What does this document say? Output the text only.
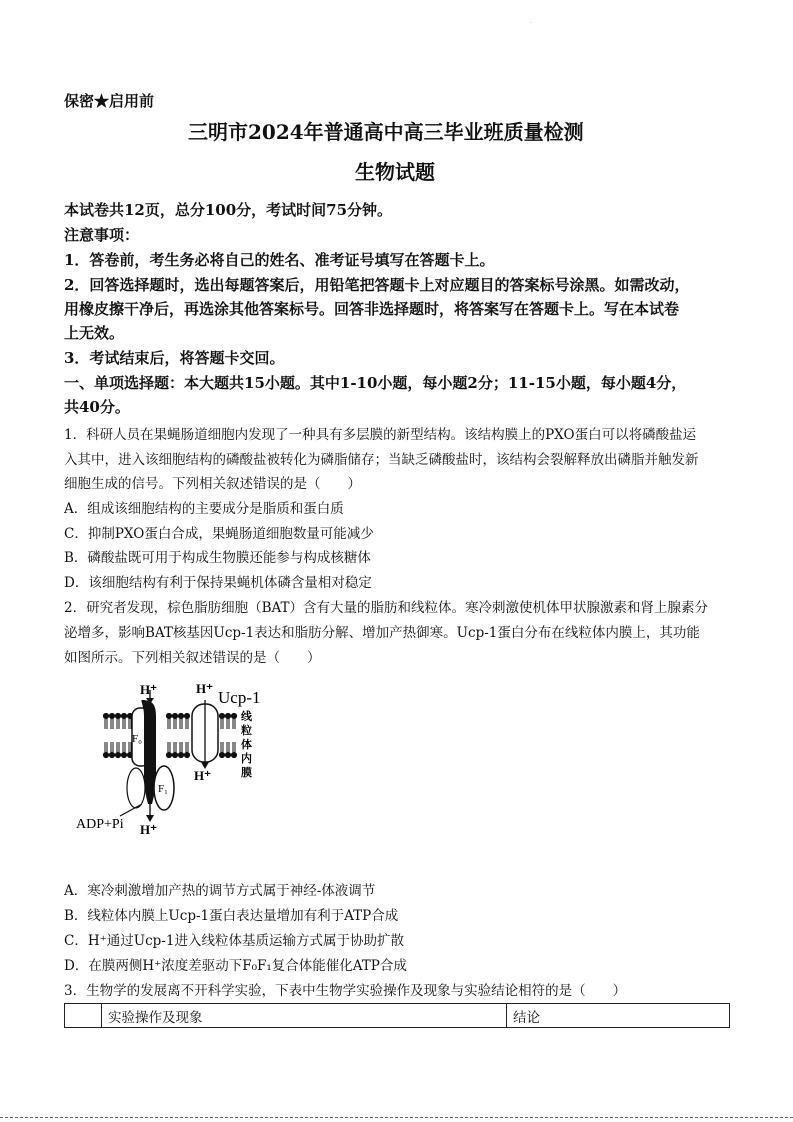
.
保密★启用前
三明市2024年普通高中高三毕业班质量检测
生物试题
本试卷共12页，总分100分，考试时间75分钟。
注意事项：
1．答卷前，考生务必将自己的姓名、准考证号填写在答题卡上。
2．回答选择题时，选出每题答案后，用铅笔把答题卡上对应题目的答案标号涂黑。如需改动，
用橡皮擦干净后，再选涂其他答案标号。回答非选择题时，将答案写在答题卡上。写在本试卷
上无效。
3．考试结束后，将答题卡交回。
一、单项选择题：本大题共15小题。其中1-10小题，每小题2分；11-15小题，每小题4分，
共40分。
1．科研人员在果蝇肠道细胞内发现了一种具有多层膜的新型结构。该结构膜上的PXO蛋白可以将磷酸盐运
入其中，进入该细胞结构的磷酸盐被转化为磷脂储存；当缺乏磷酸盐时，该结构会裂解释放出磷脂并触发新
细胞生成的信号。下列相关叙述错误的是（　　）
A．组成该细胞结构的主要成分是脂质和蛋白质
C．抑制PXO蛋白合成，果蝇肠道细胞数量可能减少
B．磷酸盐既可用于构成生物膜还能参与构成核糖体
D．该细胞结构有利于保持果蝇机体磷含量相对稳定
2．研究者发现，棕色脂肪细胞（BAT）含有大量的脂肪和线粒体。寒冷刺激使机体甲状腺激素和肾上腺素分
泌增多，影响BAT核基因Ucp-1表达和脂肪分解、增加产热御寒。Ucp-1蛋白分布在线粒体内膜上，其功能
如图所示。下列相关叙述错误的是（　　）
H⁺	H⁺ Ucp-1
线
粒
体
内
膜
F₀
F₁
H⁺
ADP+Pi H⁺
A．寒冷刺激增加产热的调节方式属于神经-体液调节
B．线粒体内膜上Ucp-1蛋白表达量增加有利于ATP合成
C．H⁺通过Ucp-1进入线粒体基质运输方式属于协助扩散
D．在膜两侧H⁺浓度差驱动下F₀F₁复合体能催化ATP合成
3．生物学的发展离不开科学实验，下表中生物学实验操作及现象与实验结论相符的是（　　）
	实验操作及现象	结论
